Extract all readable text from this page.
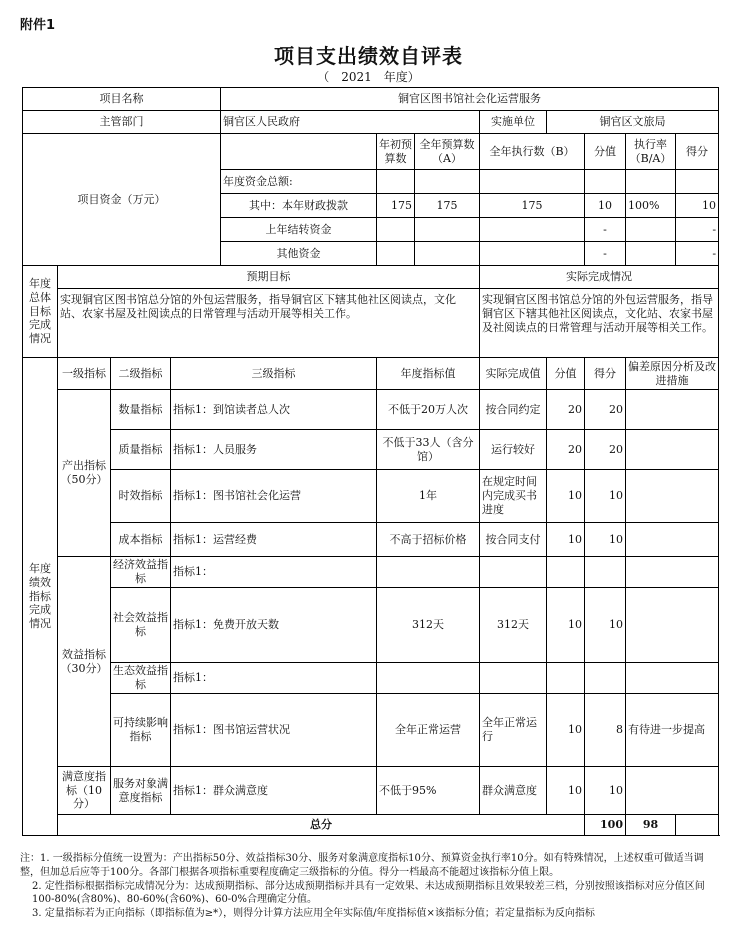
附件1
项目支出绩效自评表
（　2021　年度）
项目名称				铜官区图书馆社会化运营服务							
主管部门				铜官区人民政府			实施单位	铜官区文旅局			
项目资金（万元）					年初预算数	全年预算数（A）	全年执行数（B）		分值	执行率（B/A）	得分
				年度资金总额:							
				其中：本年财政拨款	175	175	175		10	100%	10
				上年结转资金					-		-
				其他资金					-		-
年度总体目标完成情况	预期目标						实际完成情况				
	实现铜官区图书馆总分馆的外包运营服务，指导铜官区下辖其他社区阅读点，文化站、农家书屋及社阅读点的日常管理与活动开展等相关工作。						实现铜官区图书馆总分馆的外包运营服务，指导铜官区下辖其他社区阅读点，文化站、农家书屋及社阅读点的日常管理与活动开展等相关工作。				
年度绩效指标完成情况	一级指标	二级指标	三级指标		年度指标值		实际完成值	分值	得分	偏差原因分析及改进措施	
	产出指标（50分）	数量指标	指标1：到馆读者总人次		不低于20万人次		按合同约定	20	20		
		质量指标	指标1：人员服务		不低于33人（含分馆）		运行较好	20	20		
		时效指标	指标1：图书馆社会化运营		1年		在规定时间内完成买书进度	10	10		
		成本指标	指标1：运营经费		不高于招标价格		按合同支付	10	10		
	效益指标（30分）	经济效益指标	指标1：								
		社会效益指标	指标1：免费开放天数		312天		312天	10	10		
		生态效益指标	指标1：								
		可持续影响指标	指标1：图书馆运营状况		全年正常运营		全年正常运行	10	8	有待进一步提高	
	满意度指标（10分）	服务对象满意度指标	指标1：群众满意度		不低于95%		群众满意度	10	10		
	总分								100	98	

注：1. 一级指标分值统一设置为：产出指标50分、效益指标30分、服务对象满意度指标10分、预算资金执行率10分。如有特殊情况，上述权重可做适当调整，但加总后应等于100分。各部门根据各项指标重要程度确定三级指标的分值。得分一档最高不能超过该指标分值上限。

2. 定性指标根据指标完成情况分为：达成预期指标、部分达成预期指标并具有一定效果、未达成预期指标且效果较差三档，分别按照该指标对应分值区间100-80%(含80%)、80-60%(含60%)、60-0%合理确定分值。

3. 定量指标若为正向指标（即指标值为≥*），则得分计算方法应用全年实际值/年度指标值×该指标分值；若定量指标为反向指标
